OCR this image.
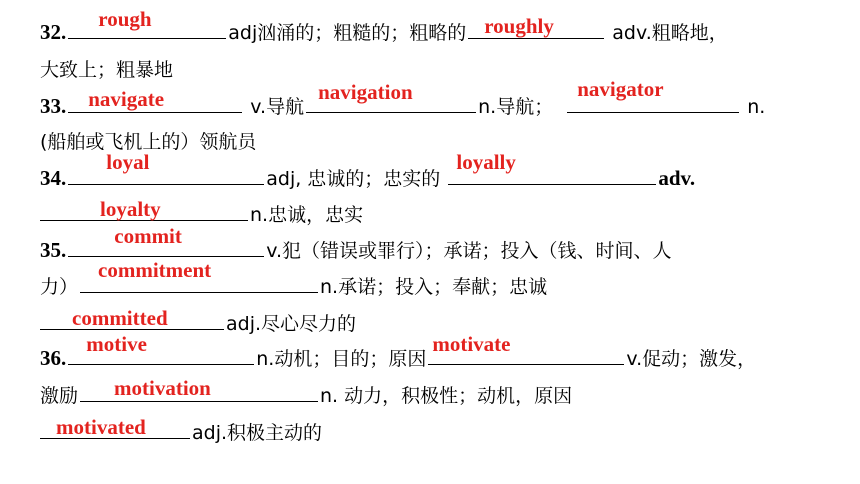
32.
rough
adj汹涌的；粗糙的；粗略的 roughly	adv.粗略地，
大致上；粗暴地
33. navigate	v.导航
navigation
n.导航；
navigator
n.
(船舶或飞机上的）领航员
34.
loyal
adj, 忠诚的；忠实的
loyally
adv.
loyalty	n.忠诚，忠实
35.
commit
v.犯（错误或罪行）；承诺；投入（钱、时间、人
力）
commitment
n.承诺；投入；奉献；忠诚
committed	adj.尽心尽力的
36.
motive
n.动机；目的；原因
motivate
v.促动；激发，
激励 motivation	n. 动力，积极性；动机，原因
motivated adj.积极主动的
